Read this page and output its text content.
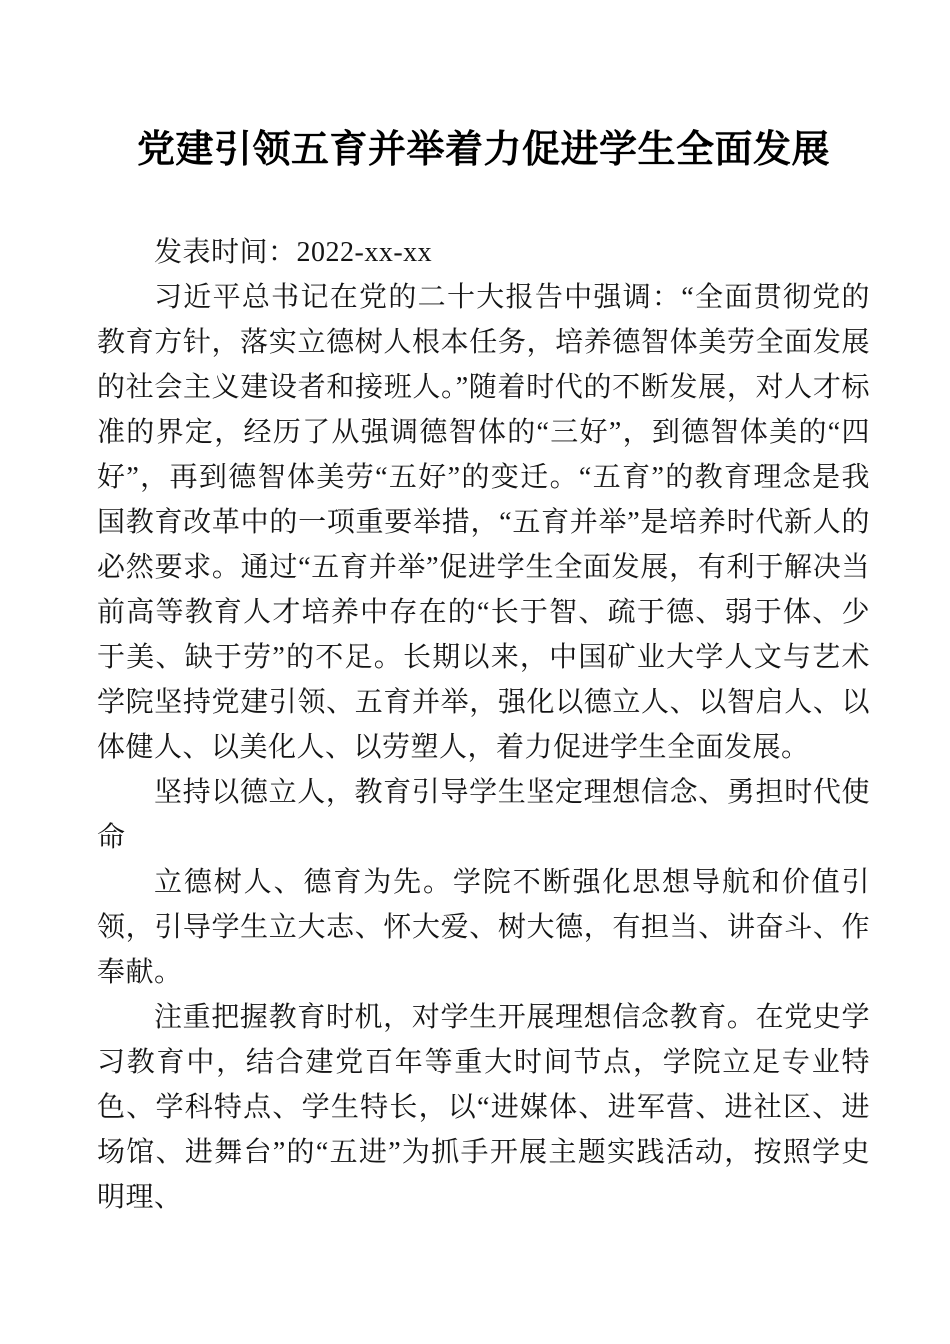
党建引领五育并举着力促进学生全面发展

发表时间：2022-xx-xx

习近平总书记在党的二十大报告中强调：“全面贯彻党的教育方针，落实立德树人根本任务，培养德智体美劳全面发展的社会主义建设者和接班人。”随着时代的不断发展，对人才标准的界定，经历了从强调德智体的“三好”，到德智体美的“四好”，再到德智体美劳“五好”的变迁。“五育”的教育理念是我国教育改革中的一项重要举措，“五育并举”是培养时代新人的必然要求。通过“五育并举”促进学生全面发展，有利于解决当前高等教育人才培养中存在的“长于智、疏于德、弱于体、少于美、缺于劳”的不足。长期以来，中国矿业大学人文与艺术学院坚持党建引领、五育并举，强化以德立人、以智启人、以体健人、以美化人、以劳塑人，着力促进学生全面发展。

坚持以德立人，教育引导学生坚定理想信念、勇担时代使命

立德树人、德育为先。学院不断强化思想导航和价值引领，引导学生立大志、怀大爱、树大德，有担当、讲奋斗、作奉献。

注重把握教育时机，对学生开展理想信念教育。在党史学习教育中，结合建党百年等重大时间节点，学院立足专业特色、学科特点、学生特长，以“进媒体、进军营、进社区、进场馆、进舞台”的“五进”为抓手开展主题实践活动，按照学史明理、
